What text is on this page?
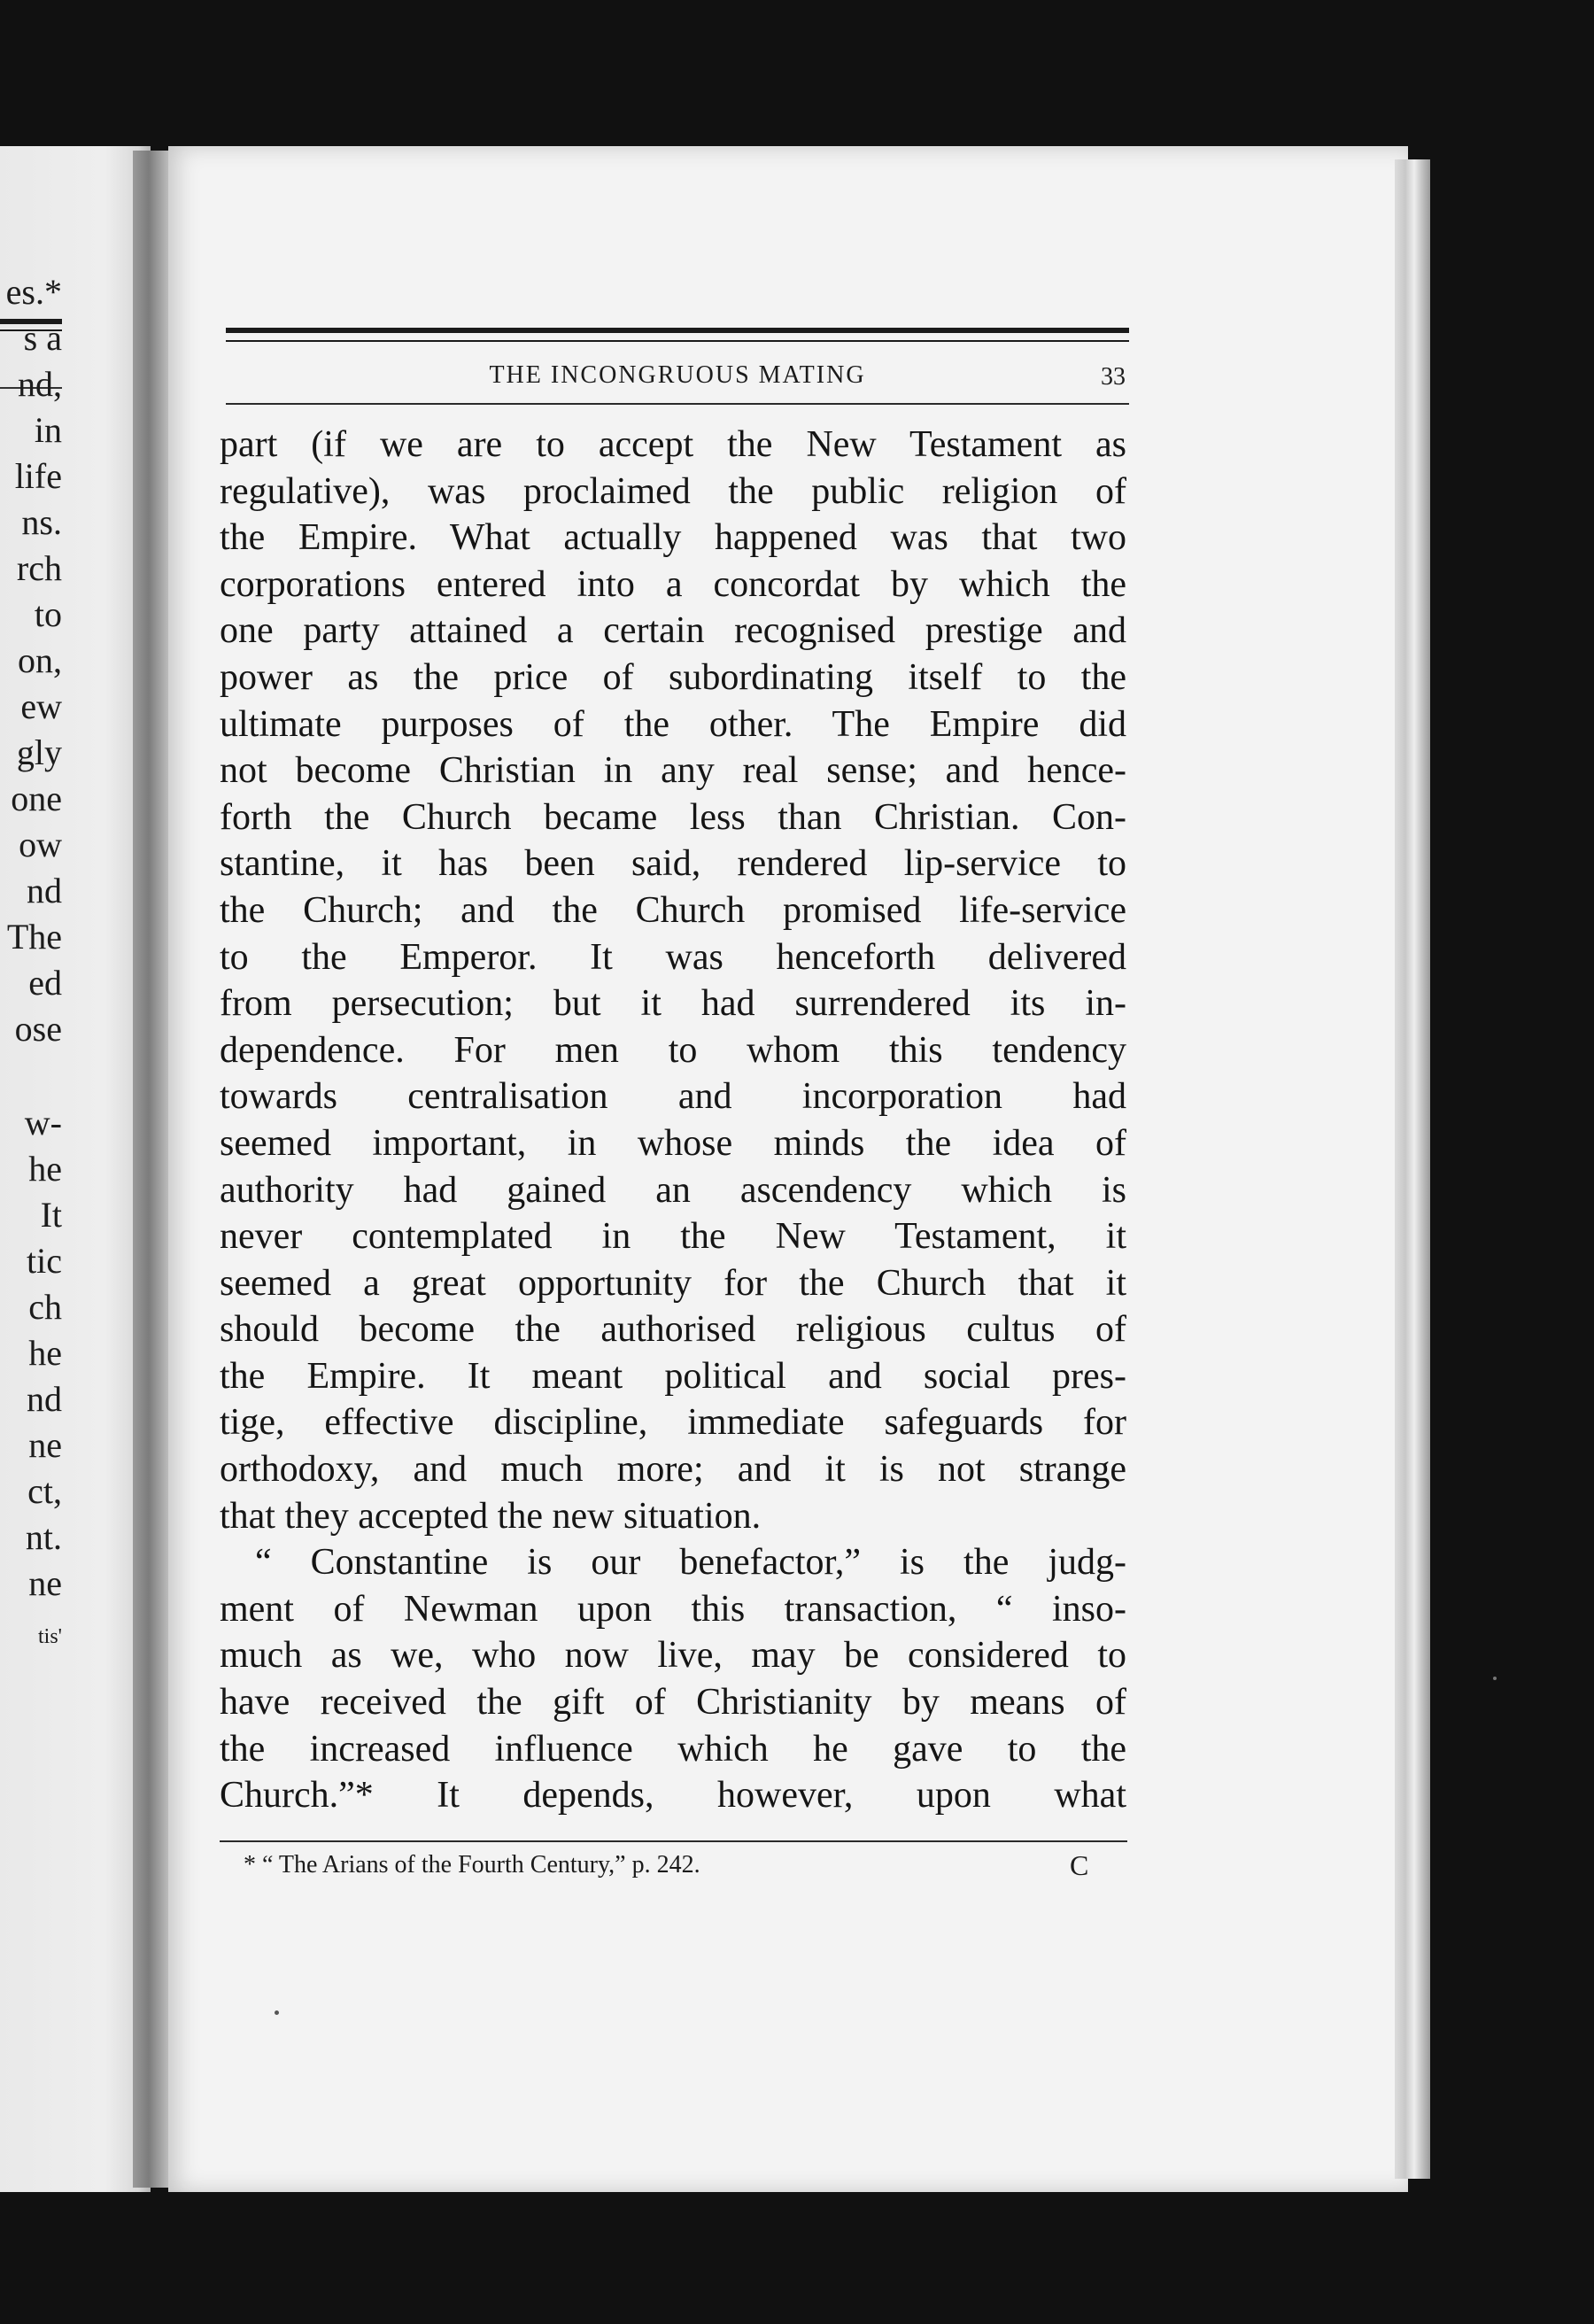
es.*
s a
nd,
in
life
ns.
rch
to
on,
ew
gly
one
ow
nd
The
ed
ose
w-
he
It
tic
ch
he
nd
ne
ct,
nt.
ne
tis'
THE INCONGRUOUS MATING	33
part (if we are to accept the New Testament as
regulative), was proclaimed the public religion of
the Empire. What actually happened was that two
corporations entered into a concordat by which the
one party attained a certain recognised prestige and
power as the price of subordinating itself to the
ultimate purposes of the other. The Empire did
not become Christian in any real sense; and hence-
forth the Church became less than Christian. Con-
stantine, it has been said, rendered lip-service to
the Church; and the Church promised life-service
to the Emperor. It was henceforth delivered
from persecution; but it had surrendered its in-
dependence. For men to whom this tendency
towards centralisation and incorporation had
seemed important, in whose minds the idea of
authority had gained an ascendency which is
never contemplated in the New Testament, it
seemed a great opportunity for the Church that it
should become the authorised religious cultus of
the Empire. It meant political and social pres-
tige, effective discipline, immediate safeguards for
orthodoxy, and much more; and it is not strange
that they accepted the new situation.
“ Constantine is our benefactor,” is the judg-
ment of Newman upon this transaction, “ inso-
much as we, who now live, may be considered to
have received the gift of Christianity by means of
the increased influence which he gave to the
Church.”* It depends, however, upon what
* “ The Arians of the Fourth Century,” p. 242.	C
